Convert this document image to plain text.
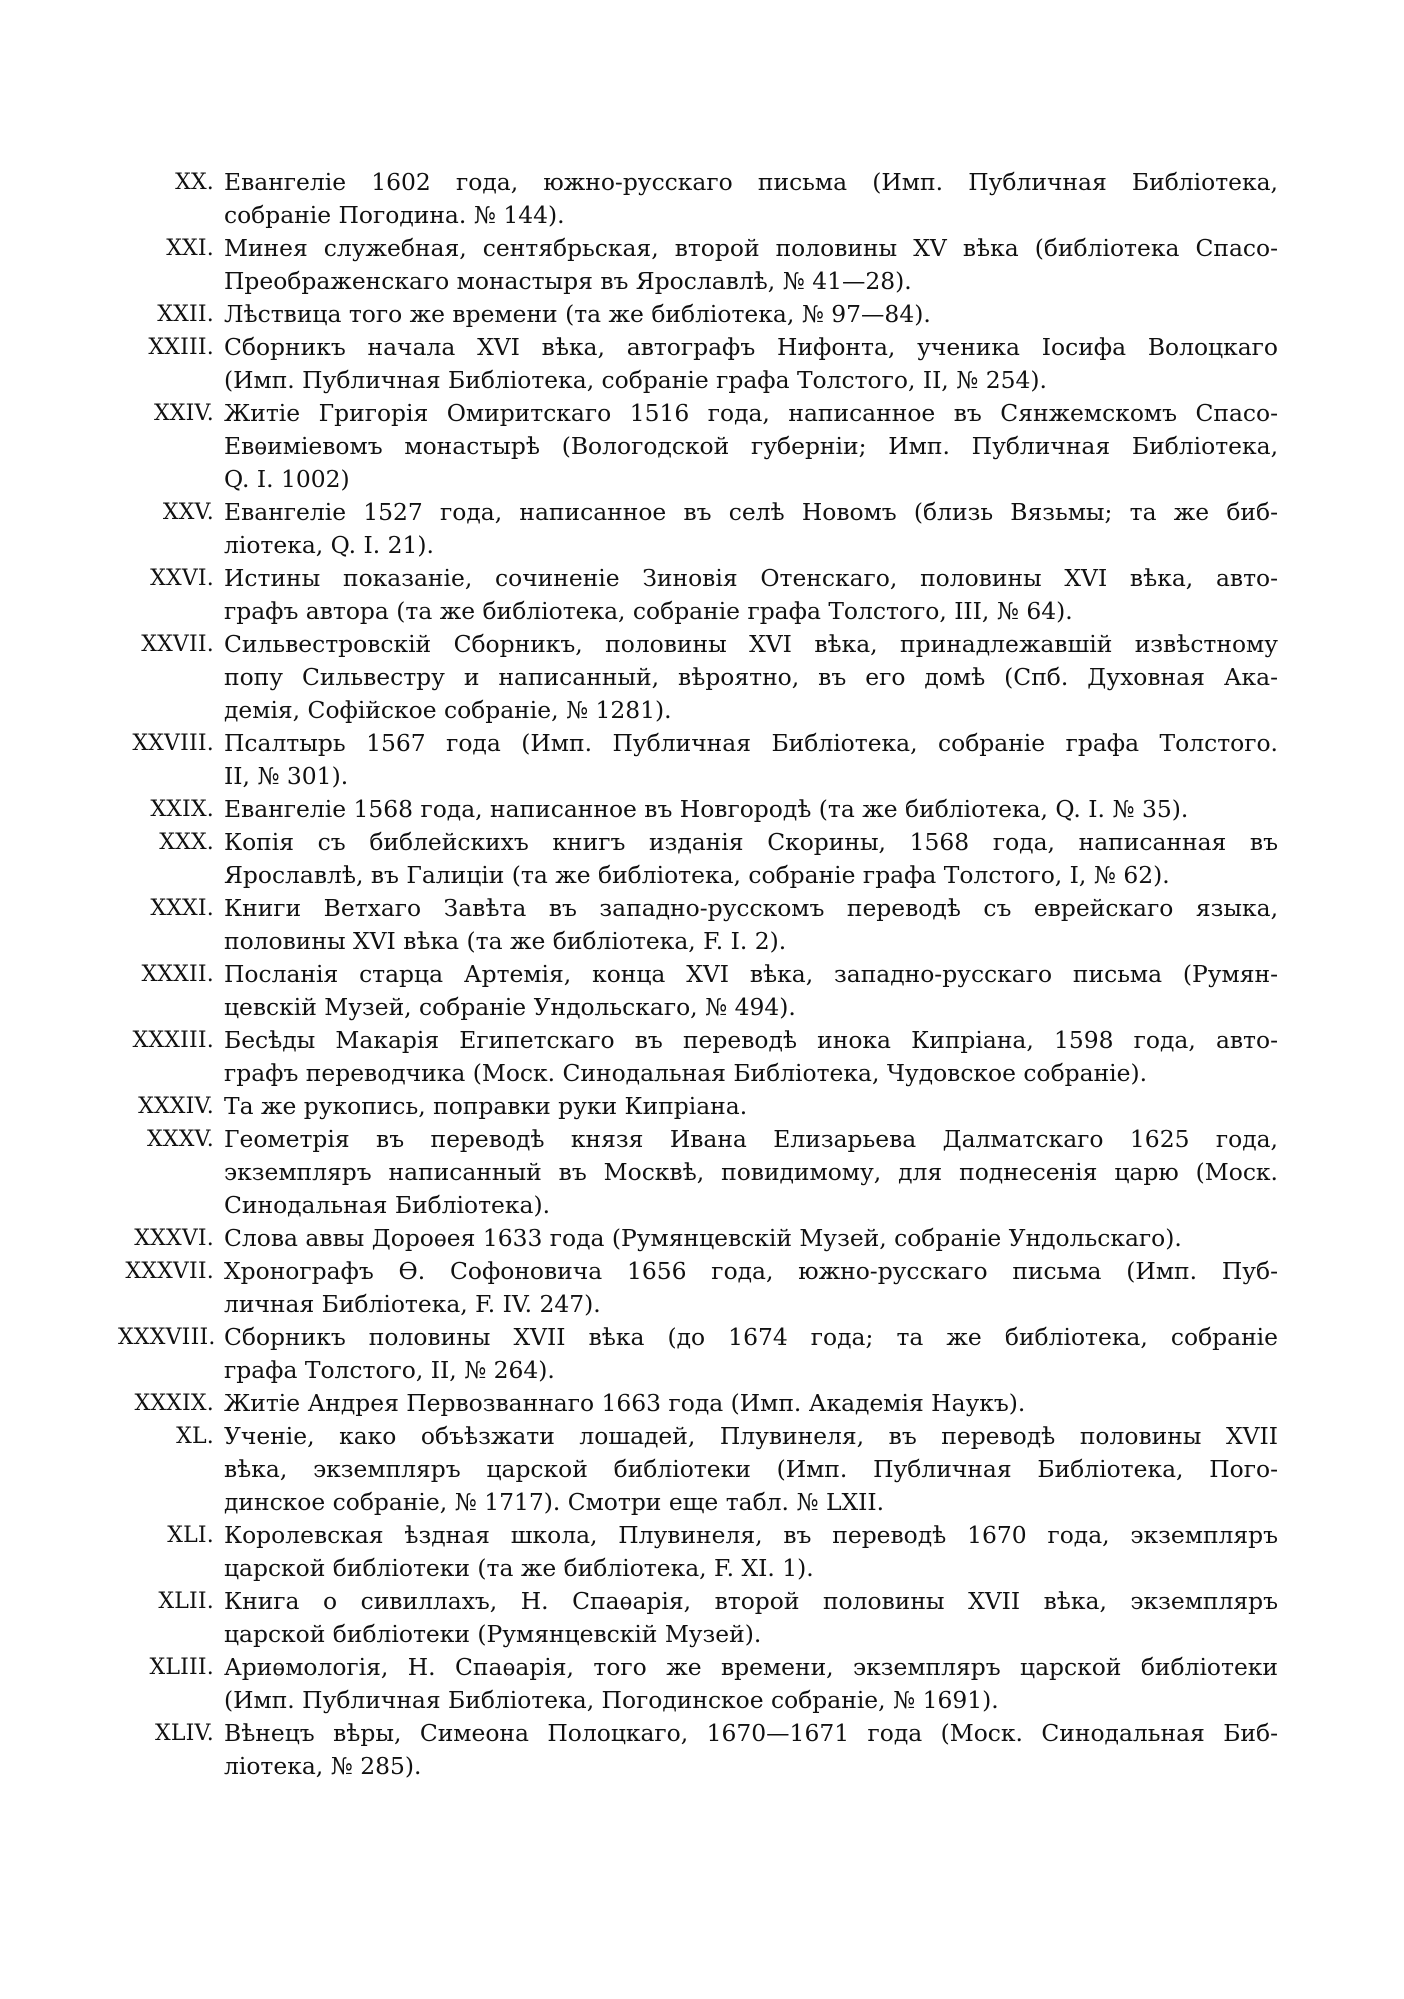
XX. Евангеліе 1602 года, южно-русскаго письма (Имп. Публичная Библіотека,
собраніе Погодина. № 144).
XXI. Минея служебная, сентябрьская, второй половины XV вѣка (библіотека Спасо-
Преображенскаго монастыря въ Ярославлѣ, № 41—28).
XXII. Лѣствица того же времени (та же библіотека, № 97—84).
XXIII. Сборникъ начала XVI вѣка, автографъ Нифонта, ученика Іосифа Волоцкаго
(Имп. Публичная Библіотека, собраніе графа Толстого, II, № 254).
XXIV. Житіе Григорія Омиритскаго 1516 года, написанное въ Сянжемскомъ Спасо-
Евѳиміевомъ монастырѣ (Вологодской губерніи; Имп. Публичная Библіотека,
Q. I. 1002)
XXV. Евангеліе 1527 года, написанное въ селѣ Новомъ (близь Вязьмы; та же биб-
ліотека, Q. I. 21).
XXVI. Истины показаніе, сочиненіе Зиновія Отенскаго, половины XVI вѣка, авто-
графъ автора (та же библіотека, собраніе графа Толстого, III, № 64).
XXVII. Сильвестровскій Сборникъ, половины XVI вѣка, принадлежавшій извѣстному
попу Сильвестру и написанный, вѣроятно, въ его домѣ (Спб. Духовная Ака-
демія, Софійское собраніе, № 1281).
XXVIII. Псалтырь 1567 года (Имп. Публичная Библіотека, собраніе графа Толстого.
II, № 301).
XXIX. Евангеліе 1568 года, написанное въ Новгородѣ (та же библіотека, Q. I. № 35).
XXX. Копія съ библейскихъ книгъ изданія Скорины, 1568 года, написанная въ
Ярославлѣ, въ Галиціи (та же библіотека, собраніе графа Толстого, I, № 62).
XXXI. Книги Ветхаго Завѣта въ западно-русскомъ переводѣ съ еврейскаго языка,
половины XVI вѣка (та же библіотека, F. I. 2).
XXXII. Посланія старца Артемія, конца XVI вѣка, западно-русскаго письма (Румян-
цевскій Музей, собраніе Ундольскаго, № 494).
XXXIII. Бесѣды Макарія Египетскаго въ переводѣ инока Кипріана, 1598 года, авто-
графъ переводчика (Моск. Синодальная Библіотека, Чудовское собраніе).
XXXIV. Та же рукопись, поправки руки Кипріана.
XXXV. Геометрія въ переводѣ князя Ивана Елизарьева Далматскаго 1625 года,
экземпляръ написанный въ Москвѣ, повидимому, для поднесенія царю (Моск.
Синодальная Библіотека).
XXXVI. Слова аввы Дороѳея 1633 года (Румянцевскій Музей, собраніе Ундольскаго).
XXXVII. Хронографъ Ѳ. Софоновича 1656 года, южно-русскаго письма (Имп. Пуб-
личная Библіотека, F. IV. 247).
XXXVIII. Сборникъ половины XVII вѣка (до 1674 года; та же библіотека, собраніе
графа Толстого, II, № 264).
XXXIX. Житіе Андрея Первозваннаго 1663 года (Имп. Академія Наукъ).
XL. Ученіе, како объѣзжати лошадей, Плувинеля, въ переводѣ половины XVII
вѣка, экземпляръ царской библіотеки (Имп. Публичная Библіотека, Пого-
динское собраніе, № 1717). Смотри еще табл. № LXII.
XLI. Королевская ѣздная школа, Плувинеля, въ переводѣ 1670 года, экземпляръ
царской библіотеки (та же библіотека, F. XI. 1).
XLII. Книга о сивиллахъ, Н. Спаѳарія, второй половины XVII вѣка, экземпляръ
царской библіотеки (Румянцевскій Музей).
XLIII. Ариѳмологія, Н. Спаѳарія, того же времени, экземпляръ царской библіотеки
(Имп. Публичная Библіотека, Погодинское собраніе, № 1691).
XLIV. Вѣнецъ вѣры, Симеона Полоцкаго, 1670—1671 года (Моск. Синодальная Биб-
ліотека, № 285).
